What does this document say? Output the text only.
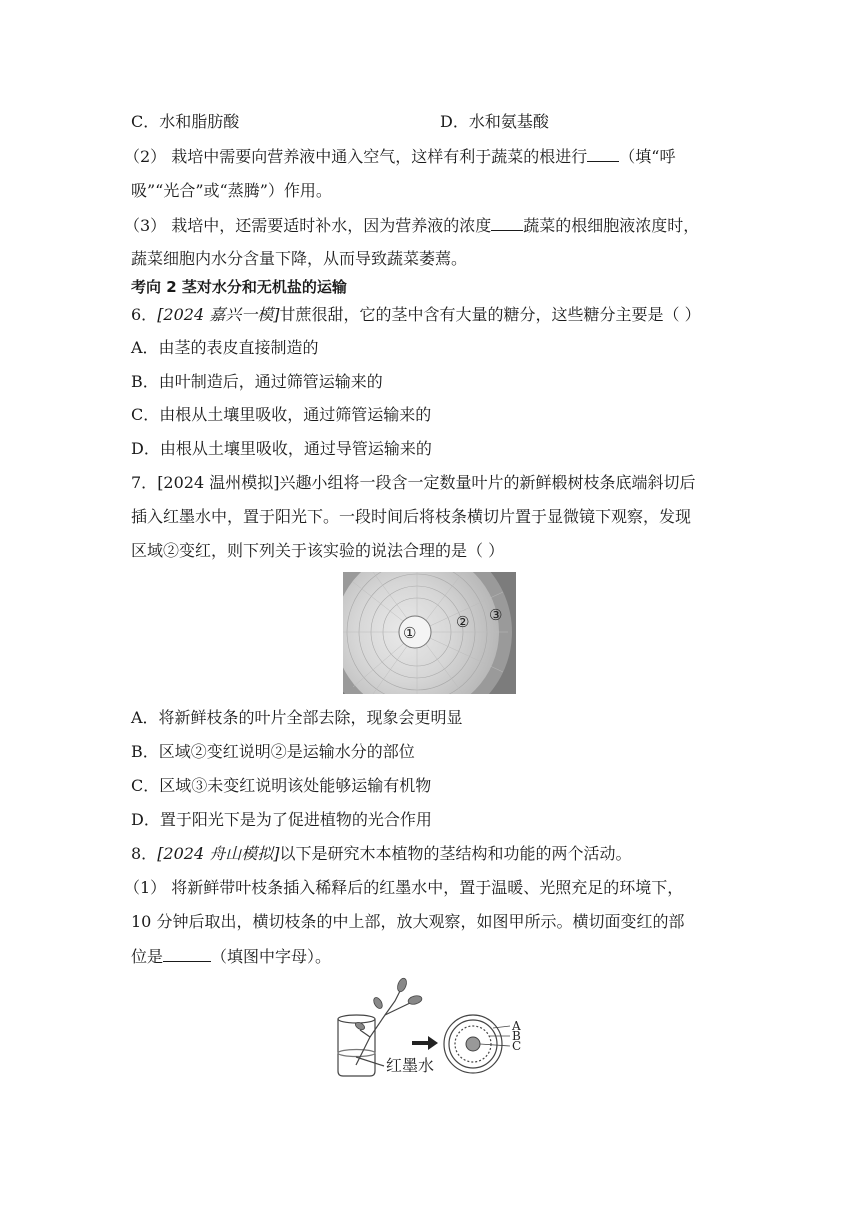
C．水和脂肪酸	D．水和氨基酸
（2） 栽培中需要向营养液中通入空气，这样有利于蔬菜的根进行 （填“呼
吸”“光合”或“蒸腾”）作用。
（3） 栽培中，还需要适时补水，因为营养液的浓度 蔬菜的根细胞液浓度时，
蔬菜细胞内水分含量下降，从而导致蔬菜萎蔫。
考向 2 茎对水分和无机盐的运输
6．[2024 嘉兴一模]甘蔗很甜，它的茎中含有大量的糖分，这些糖分主要是（ ）
A．由茎的表皮直接制造的
B．由叶制造后，通过筛管运输来的
C．由根从土壤里吸收，通过筛管运输来的
D．由根从土壤里吸收，通过导管运输来的
7．[2024 温州模拟]兴趣小组将一段含一定数量叶片的新鲜椴树枝条底端斜切后
插入红墨水中，置于阳光下。一段时间后将枝条横切片置于显微镜下观察，发现
区域②变红，则下列关于该实验的说法合理的是（ ）
①
② ③
A．将新鲜枝条的叶片全部去除，现象会更明显
B．区域②变红说明②是运输水分的部位
C．区域③未变红说明该处能够运输有机物
D．置于阳光下是为了促进植物的光合作用
8．[2024 舟山模拟]以下是研究木本植物的茎结构和功能的两个活动。
（1） 将新鲜带叶枝条插入稀释后的红墨水中，置于温暖、光照充足的环境下，
10 分钟后取出，横切枝条的中上部，放大观察，如图甲所示。横切面变红的部
位是	（填图中字母）。
A
B
C
红墨水
